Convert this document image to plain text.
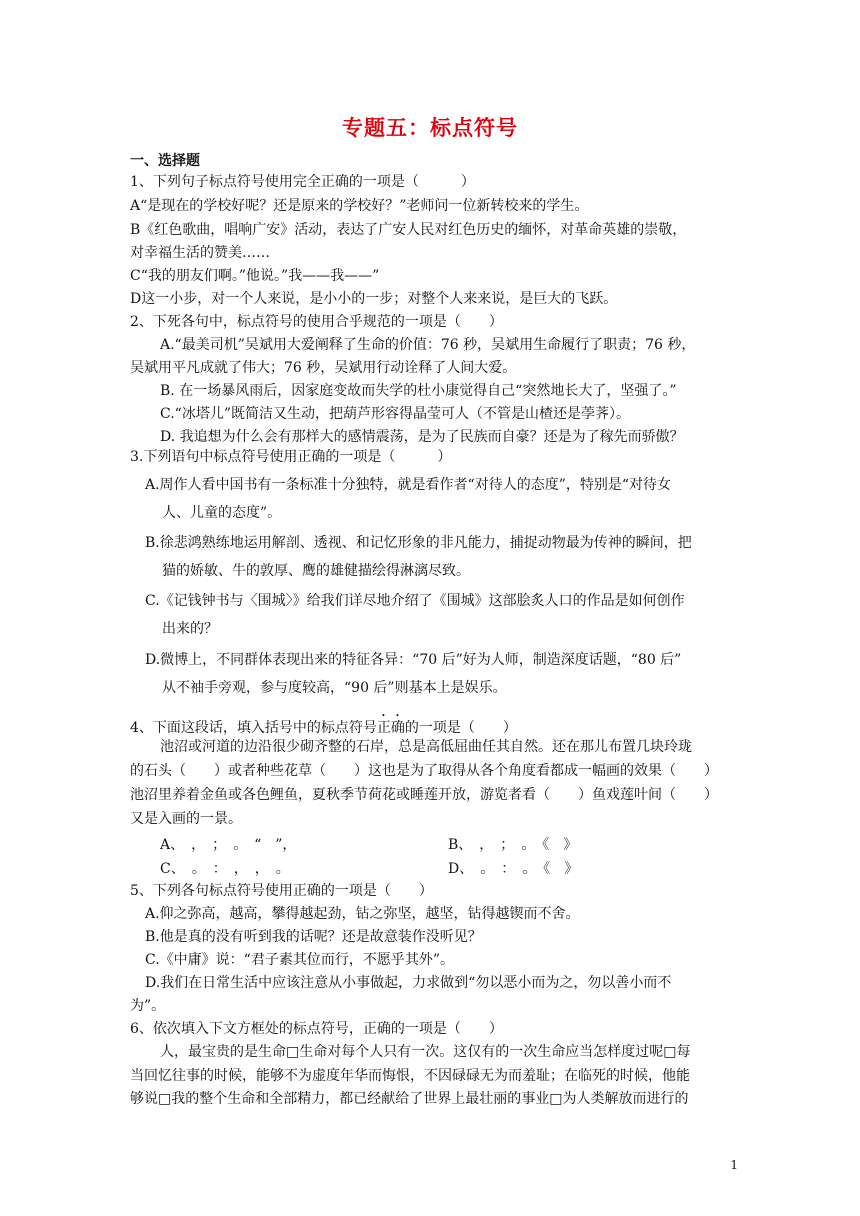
专题五：标点符号
一、选择题
1、下列句子标点符号使用完全正确的一项是（　　　）
A“是现在的学校好呢？还是原来的学校好？”老师问一位新转校来的学生。
B《红色歌曲，唱响广安》活动，表达了广安人民对红色历史的缅怀，对革命英雄的崇敬，
对幸福生活的赞美……
C“我的朋友们啊。”他说。”我——我——”
D这一小步，对一个人来说，是小小的一步；对整个人来来说，是巨大的飞跃。
2、下死各句中，标点符号的使用合乎规范的一项是（　　）
A.“最美司机”吴斌用大爱阐释了生命的价值：76 秒，吴斌用生命履行了职责；76 秒，
吴斌用平凡成就了伟大；76 秒，吴斌用行动诠释了人间大爱。
B. 在一场暴风雨后，因家庭变故而失学的杜小康觉得自己“突然地长大了，坚强了。”
C.“冰塔儿”既简洁又生动，把葫芦形容得晶莹可人（不管是山楂还是荸荠）。
D. 我追想为什么会有那样大的感情震荡，是为了民族而自豪？还是为了稼先而骄傲？
3.下列语句中标点符号使用正确的一项是（　　　）
A.周作人看中国书有一条标准十分独特，就是看作者“对待人的态度”，特别是“对待女
人、儿童的态度”。
B.徐悲鸿熟练地运用解剖、透视、和记忆形象的非凡能力，捕捉动物最为传神的瞬间，把
猫的娇敏、牛的敦厚、鹰的雄健描绘得淋漓尽致。
C.《记钱钟书与〈围城〉》给我们详尽地介绍了《围城》这部脍炙人口的作品是如何创作
出来的？
D.微博上，不同群体表现出来的特征各异：“70 后”好为人师，制造深度话题，“80 后”
从不袖手旁观，参与度较高，“90 后”则基本上是娱乐。
4、下面这段话，填入括号中的标点符号正确的一项是（　　）
池沼或河道的边沿很少砌齐整的石岸，总是高低屈曲任其自然。还在那儿布置几块玲珑
的石头（　　）或者种些花草（　　）这也是为了取得从各个角度看都成一幅画的效果（　　）
池沼里养着金鱼或各色鲤鱼，夏秋季节荷花或睡莲开放，游览者看（　　）鱼戏莲叶间（　　）
又是入画的一景。
A、　，　；　。　“　”，	B、　，　；　。　《　》
C、　。　：　，　，　。	D、　。　：　。　《　》
5、下列各句标点符号使用正确的一项是（　　）
A.仰之弥高，越高，攀得越起劲，钻之弥坚，越坚，钻得越锲而不舍。
B.他是真的没有听到我的话呢？还是故意装作没听见？
C.《中庸》说：“君子素其位而行，不愿乎其外”。
D.我们在日常生活中应该注意从小事做起，力求做到“勿以恶小而为之，勿以善小而不
为”。
6、依次填入下文方框处的标点符号，正确的一项是（　　）
人，最宝贵的是生命□生命对每个人只有一次。这仅有的一次生命应当怎样度过呢□每
当回忆往事的时候，能够不为虚度年华而悔恨，不因碌碌无为而羞耻；在临死的时候，他能
够说□我的整个生命和全部精力，都已经献给了世界上最壮丽的事业□为人类解放而进行的
1
